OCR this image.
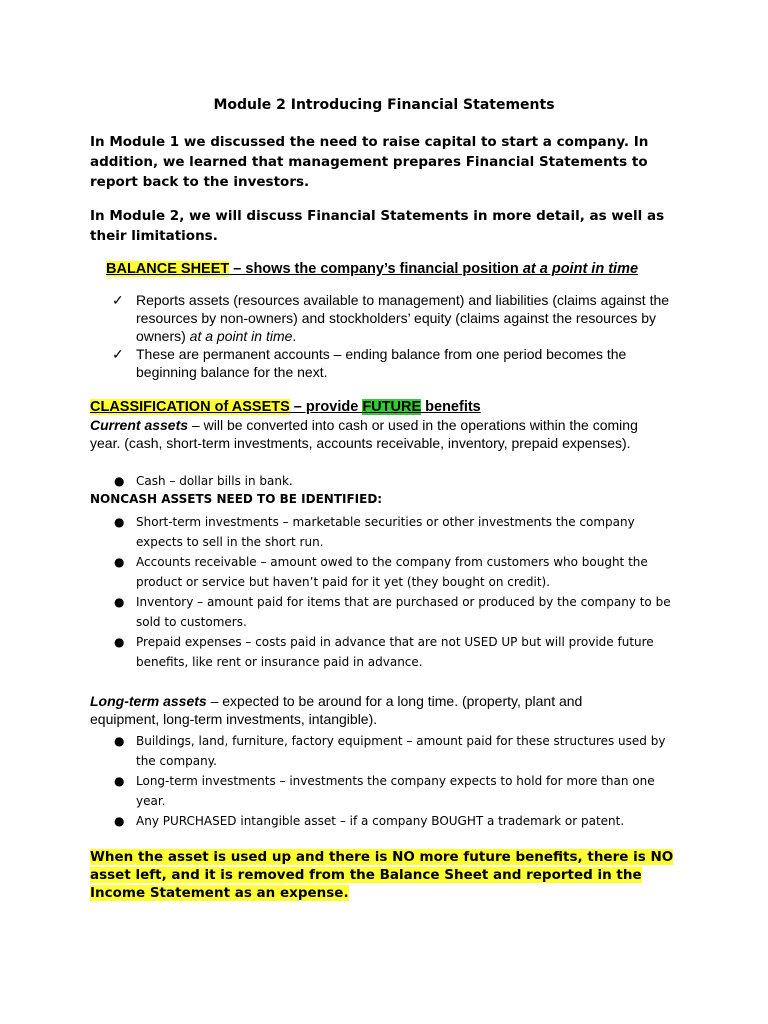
Module 2 Introducing Financial Statements
In Module 1 we discussed the need to raise capital to start a company. In addition, we learned that management prepares Financial Statements to report back to the investors.
In Module 2, we will discuss Financial Statements in more detail, as well as their limitations.
BALANCE SHEET – shows the company’s financial position at a point in time
✓ Reports assets (resources available to management) and liabilities (claims against the resources by non-owners) and stockholders’ equity (claims against the resources by owners) at a point in time.
✓ These are permanent accounts – ending balance from one period becomes the beginning balance for the next.
CLASSIFICATION of ASSETS – provide FUTURE benefits
Current assets – will be converted into cash or used in the operations within the coming year. (cash, short-term investments, accounts receivable, inventory, prepaid expenses).
● Cash – dollar bills in bank.
NONCASH ASSETS NEED TO BE IDENTIFIED:
● Short-term investments – marketable securities or other investments the company expects to sell in the short run.
● Accounts receivable – amount owed to the company from customers who bought the product or service but haven’t paid for it yet (they bought on credit).
● Inventory – amount paid for items that are purchased or produced by the company to be sold to customers.
● Prepaid expenses – costs paid in advance that are not USED UP but will provide future benefits, like rent or insurance paid in advance.
Long-term assets – expected to be around for a long time. (property, plant and equipment, long-term investments, intangible).
● Buildings, land, furniture, factory equipment – amount paid for these structures used by the company.
● Long-term investments – investments the company expects to hold for more than one year.
● Any PURCHASED intangible asset – if a company BOUGHT a trademark or patent.
When the asset is used up and there is NO more future benefits, there is NO asset left, and it is removed from the Balance Sheet and reported in the Income Statement as an expense.
